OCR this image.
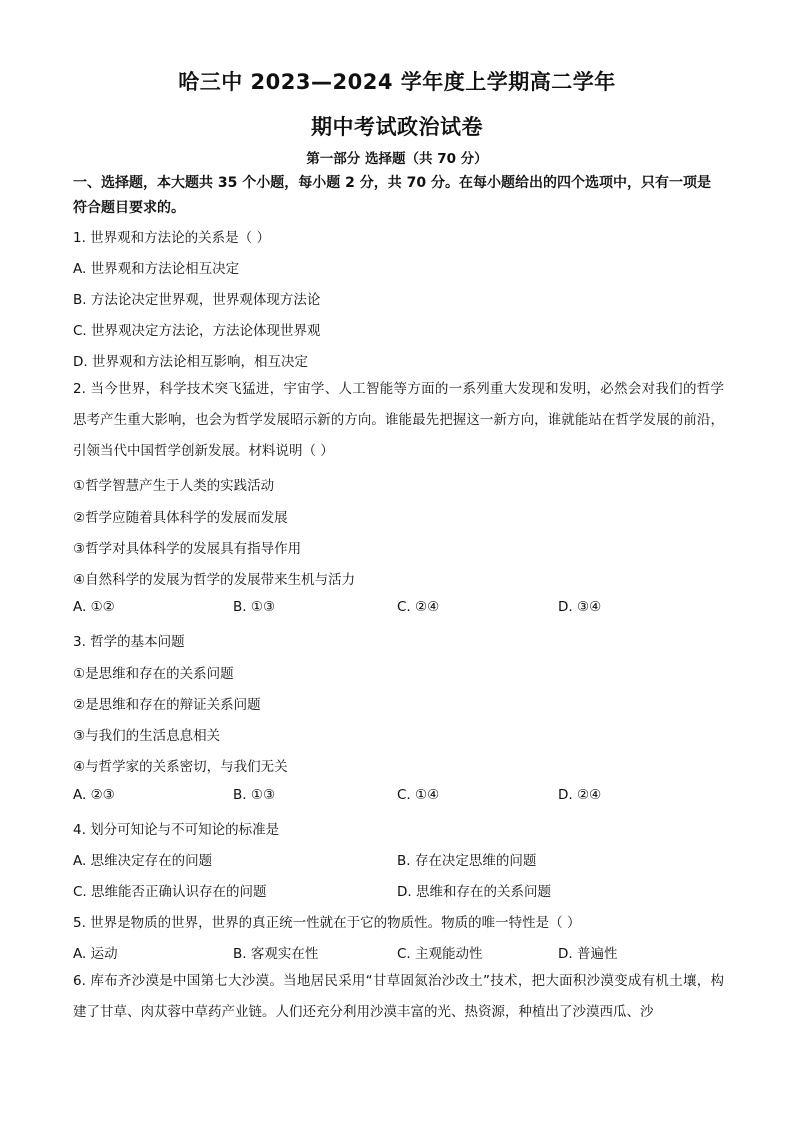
哈三中 2023—2024 学年度上学期高二学年
期中考试政治试卷
第一部分 选择题（共 70 分）
一、选择题，本大题共 35 个小题，每小题 2 分，共 70 分。在每小题给出的四个选项中，只有一项是符合题目要求的。
1. 世界观和方法论的关系是（ ）
A. 世界观和方法论相互决定
B. 方法论决定世界观，世界观体现方法论
C. 世界观决定方法论，方法论体现世界观
D. 世界观和方法论相互影响，相互决定
2. 当今世界，科学技术突飞猛进，宇宙学、人工智能等方面的一系列重大发现和发明，必然会对我们的哲学思考产生重大影响，也会为哲学发展昭示新的方向。谁能最先把握这一新方向，谁就能站在哲学发展的前沿，引领当代中国哲学创新发展。材料说明（ ）
①哲学智慧产生于人类的实践活动
②哲学应随着具体科学的发展而发展
③哲学对具体科学的发展具有指导作用
④自然科学的发展为哲学的发展带来生机与活力
A. ①②	B. ①③	C. ②④	D. ③④
3. 哲学的基本问题
①是思维和存在的关系问题
②是思维和存在的辩证关系问题
③与我们的生活息息相关
④与哲学家的关系密切，与我们无关
A. ②③	B. ①③	C. ①④	D. ②④
4. 划分可知论与不可知论的标准是
A. 思维决定存在的问题	B. 存在决定思维的问题
C. 思维能否正确认识存在的问题	D. 思维和存在的关系问题
5. 世界是物质的世界，世界的真正统一性就在于它的物质性。物质的唯一特性是（ ）
A. 运动	B. 客观实在性	C. 主观能动性	D. 普遍性
6. 库布齐沙漠是中国第七大沙漠。当地居民采用“甘草固氮治沙改土”技术，把大面积沙漠变成有机土壤，构建了甘草、肉苁蓉中草药产业链。人们还充分利用沙漠丰富的光、热资源，种植出了沙漠西瓜、沙
